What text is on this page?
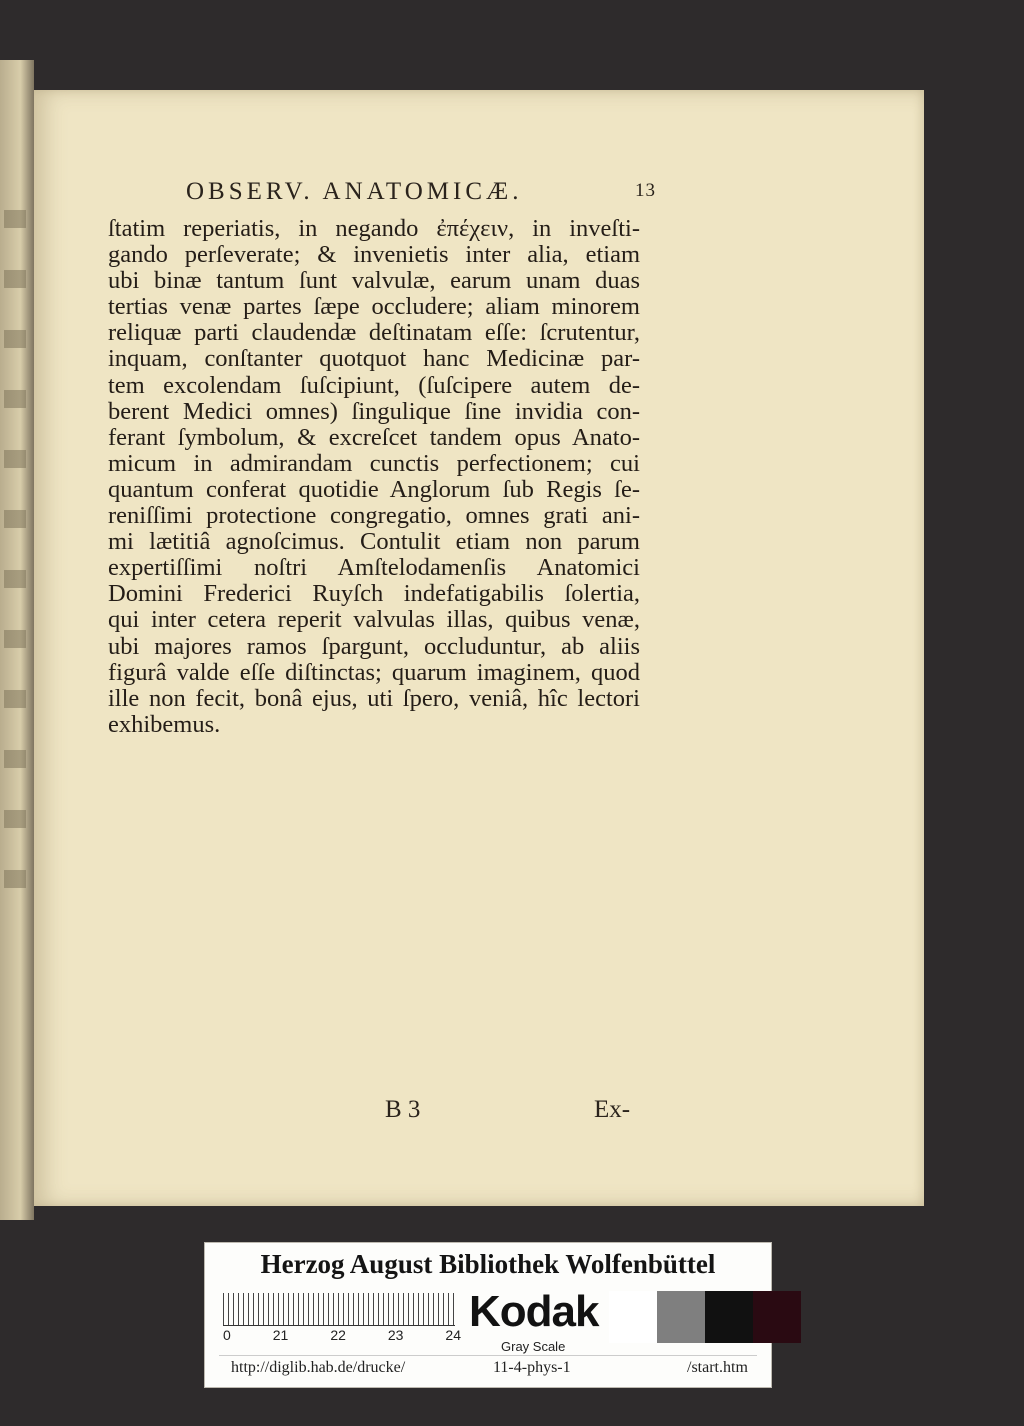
OBSERV. ANATOMICÆ.	13
ſtatim reperiatis, in negando ἐπέχειν, in inveſti-
gando perſeverate; & invenietis inter alia, etiam
ubi binæ tantum ſunt valvulæ, earum unam duas
tertias venæ partes ſæpe occludere; aliam minorem
reliquæ parti claudendæ deſtinatam eſſe: ſcrutentur,
inquam, conſtanter quotquot hanc Medicinæ par-
tem excolendam ſuſcipiunt, (ſuſcipere autem de-
berent Medici omnes) ſingulique ſine invidia con-
ferant ſymbolum, & excreſcet tandem opus Anato-
micum in admirandam cunctis perfectionem; cui
quantum conferat quotidie Anglorum ſub Regis ſe-
reniſſimi protectione congregatio, omnes grati ani-
mi lætitiâ agnoſcimus. Contulit etiam non parum
expertiſſimi noſtri Amſtelodamenſis Anatomici
Domini Frederici Ruyſch indefatigabilis ſolertia,
qui inter cetera reperit valvulas illas, quibus venæ,
ubi majores ramos ſpargunt, occluduntur, ab aliis
figurâ valde eſſe diſtinctas; quarum imaginem, quod
ille non fecit, bonâ ejus, uti ſpero, veniâ, hîc lectori
exhibemus.
B 3	Ex-
Herzog August Bibliothek Wolfenbüttel
0	21	22	23	24 Kodak
Gray Scale
http://diglib.hab.de/drucke/	11-4-phys-1	/start.htm
